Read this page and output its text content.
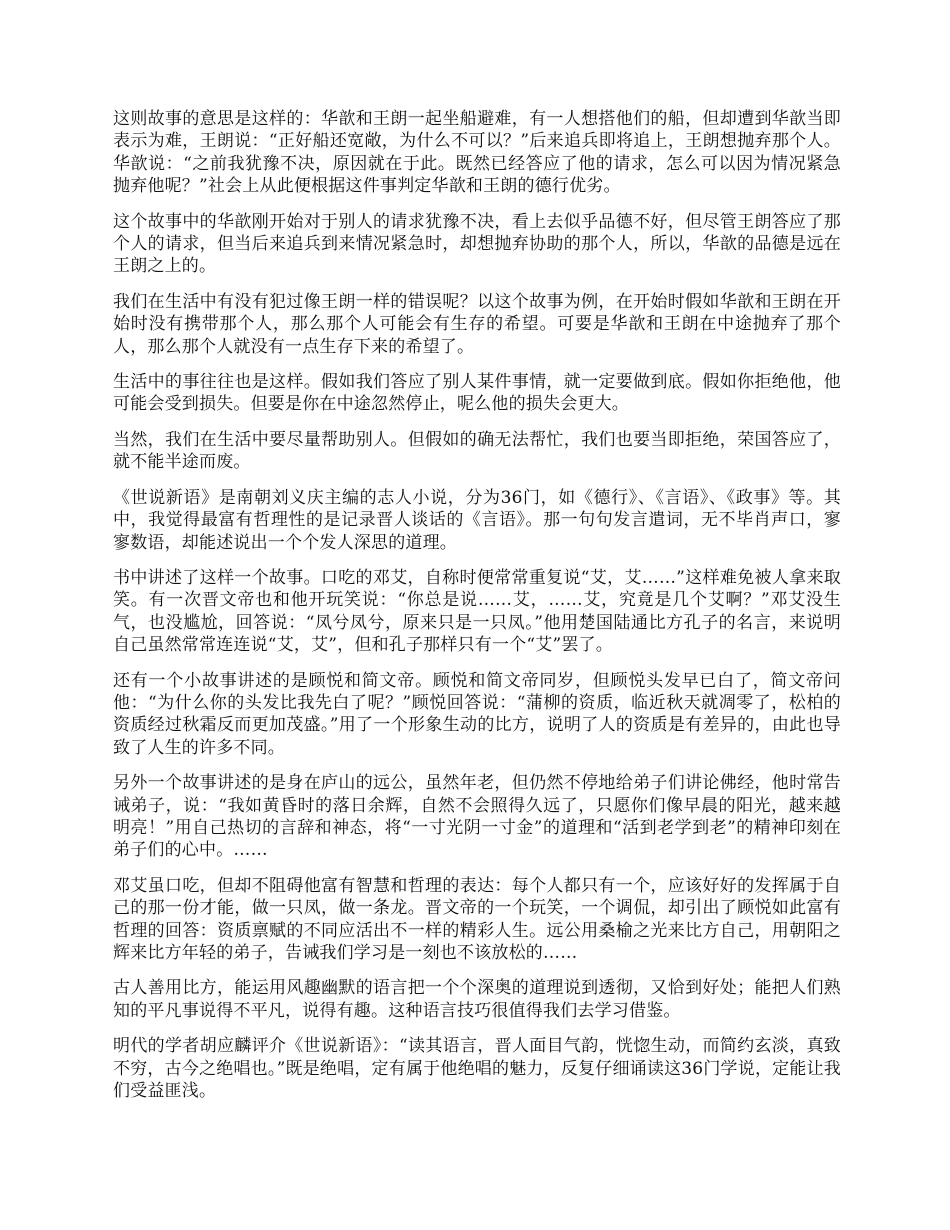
这则故事的意思是这样的：华歆和王朗一起坐船避难，有一人想搭他们的船，但却遭到华歆当即表示为难，王朗说：“正好船还宽敞，为什么不可以？”后来追兵即将追上，王朗想抛弃那个人。华歆说：“之前我犹豫不决，原因就在于此。既然已经答应了他的请求，怎么可以因为情况紧急抛弃他呢？”社会上从此便根据这件事判定华歆和王朗的德行优劣。

这个故事中的华歆刚开始对于别人的请求犹豫不决，看上去似乎品德不好，但尽管王朗答应了那个人的请求，但当后来追兵到来情况紧急时，却想抛弃协助的那个人，所以，华歆的品德是远在王朗之上的。

我们在生活中有没有犯过像王朗一样的错误呢？以这个故事为例，在开始时假如华歆和王朗在开始时没有携带那个人，那么那个人可能会有生存的希望。可要是华歆和王朗在中途抛弃了那个人，那么那个人就没有一点生存下来的希望了。

生活中的事往往也是这样。假如我们答应了别人某件事情，就一定要做到底。假如你拒绝他，他可能会受到损失。但要是你在中途忽然停止，呢么他的损失会更大。

当然，我们在生活中要尽量帮助别人。但假如的确无法帮忙，我们也要当即拒绝，荣国答应了，就不能半途而废。

《世说新语》是南朝刘义庆主编的志人小说，分为36门，如《德行》、《言语》、《政事》等。其中，我觉得最富有哲理性的是记录晋人谈话的《言语》。那一句句发言遣词，无不毕肖声口，寥寥数语，却能述说出一个个发人深思的道理。

书中讲述了这样一个故事。口吃的邓艾，自称时便常常重复说“艾，艾……”这样难免被人拿来取笑。有一次晋文帝也和他开玩笑说：“你总是说……艾，……艾，究竟是几个艾啊？”邓艾没生气，也没尴尬，回答说：“凤兮凤兮，原来只是一只凤。”他用楚国陆通比方孔子的名言，来说明自己虽然常常连连说“艾，艾”，但和孔子那样只有一个“艾”罢了。

还有一个小故事讲述的是顾悦和简文帝。顾悦和简文帝同岁，但顾悦头发早已白了，简文帝问他：“为什么你的头发比我先白了呢？”顾悦回答说：“蒲柳的资质，临近秋天就凋零了，松柏的资质经过秋霜反而更加茂盛。”用了一个形象生动的比方，说明了人的资质是有差异的，由此也导致了人生的许多不同。

另外一个故事讲述的是身在庐山的远公，虽然年老，但仍然不停地给弟子们讲论佛经，他时常告诫弟子，说：“我如黄昏时的落日余辉，自然不会照得久远了，只愿你们像早晨的阳光，越来越明亮！”用自己热切的言辞和神态，将“一寸光阴一寸金”的道理和“活到老学到老”的精神印刻在弟子们的心中。……

邓艾虽口吃，但却不阻碍他富有智慧和哲理的表达：每个人都只有一个，应该好好的发挥属于自己的那一份才能，做一只凤，做一条龙。晋文帝的一个玩笑，一个调侃，却引出了顾悦如此富有哲理的回答：资质禀赋的不同应活出不一样的精彩人生。远公用桑榆之光来比方自己，用朝阳之辉来比方年轻的弟子，告诫我们学习是一刻也不该放松的……

古人善用比方，能运用风趣幽默的语言把一个个深奥的道理说到透彻，又恰到好处；能把人们熟知的平凡事说得不平凡，说得有趣。这种语言技巧很值得我们去学习借鉴。

明代的学者胡应麟评介《世说新语》：“读其语言，晋人面目气韵，恍惚生动，而简约玄淡，真致不穷，古今之绝唱也。”既是绝唱，定有属于他绝唱的魅力，反复仔细诵读这36门学说，定能让我们受益匪浅。
